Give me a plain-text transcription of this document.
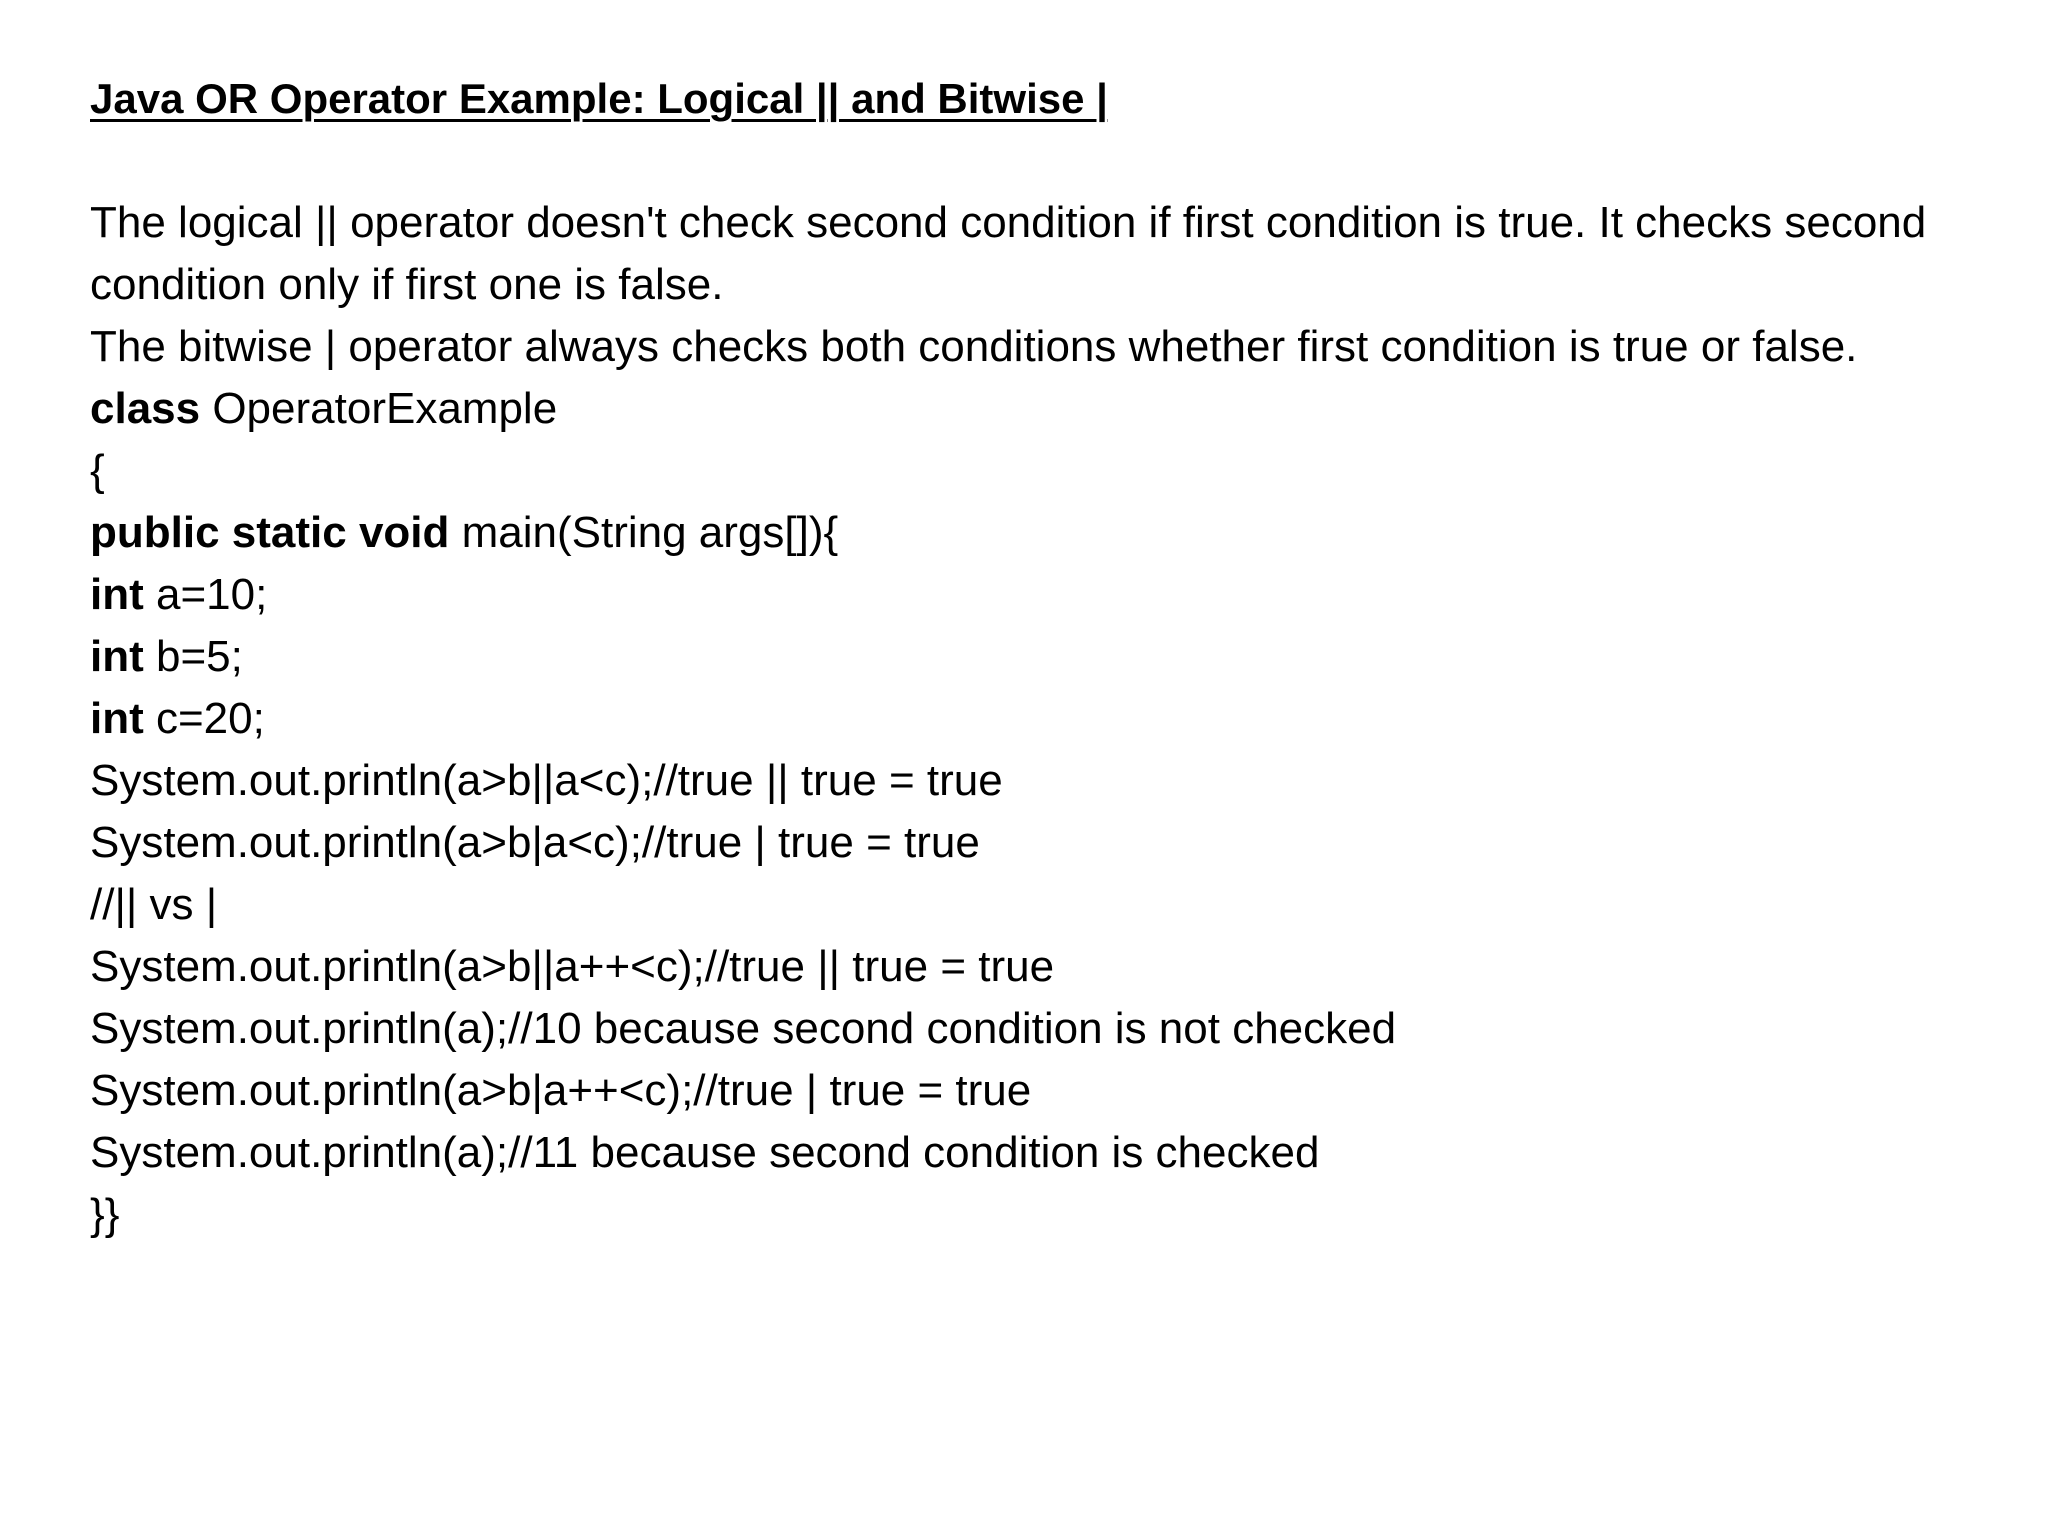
Java OR Operator Example: Logical || and Bitwise |

The logical || operator doesn't check second condition if first condition is true. It checks second condition only if first one is false.

The bitwise | operator always checks both conditions whether first condition is true or false.

class OperatorExample
{
public static void main(String args[]){
int a=10;
int b=5;
int c=20;
System.out.println(a>b||a<c);//true || true = true
System.out.println(a>b|a<c);//true | true = true
//|| vs |
System.out.println(a>b||a++<c);//true || true = true
System.out.println(a);//10 because second condition is not checked
System.out.println(a>b|a++<c);//true | true = true
System.out.println(a);//11 because second condition is checked
}}
